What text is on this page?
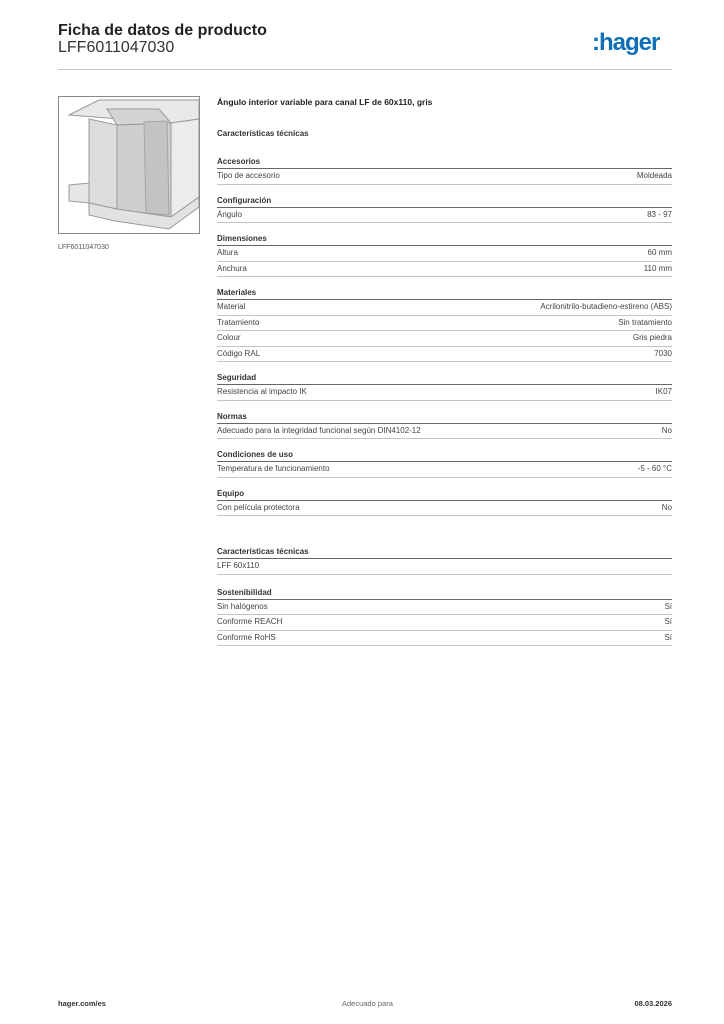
Ficha de datos de producto
LFF6011047030	:hager
LFF6011047030
Ángulo interior variable para canal LF de 60x110, gris
Características técnicas
Accesorios
Tipo de accesorio	Moldeada
Configuración
Ángulo	83 - 97
Dimensiones
Altura	60 mm
Anchura	110 mm
Materiales
Material	Acrilonitrilo-butadieno-estireno (ABS)
Tratamiento	Sin tratamiento
Colour	Gris piedra
Código RAL	7030
Seguridad
Resistencia al impacto IK	IK07
Normas
Adecuado para la integridad funcional según DIN4102-12	No
Condiciones de uso
Temperatura de funcionamiento	-5 - 60 °C
Equipo
Con película protectora	No
Características técnicas
LFF 60x110
Sostenibilidad
Sin halógenos	Sí
Conforme REACH	Sí
Conforme RoHS	Sí
hager.com/es	Adecuado para	08.03.2026
